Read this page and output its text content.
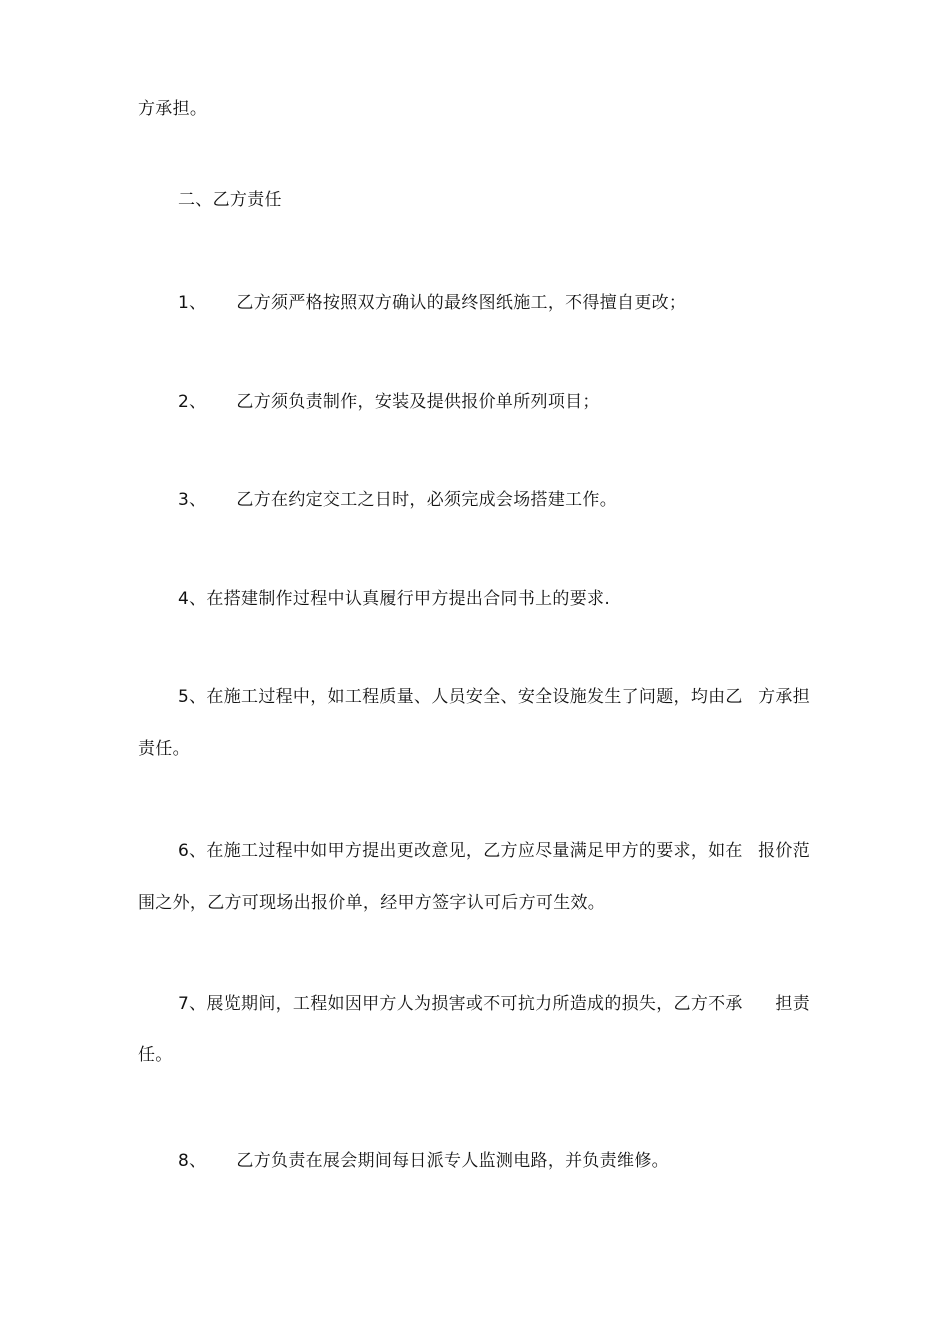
方承担。
二、乙方责任
1、 乙方须严格按照双方确认的最终图纸施工，不得擅自更改；
2、 乙方须负责制作，安装及提供报价单所列项目；
3、 乙方在约定交工之日时，必须完成会场搭建工作。
4、在搭建制作过程中认真履行甲方提出合同书上的要求.
5、在施工过程中，如工程质量、人员安全、安全设施发生了问题，均由乙 方承担
责任。
6、在施工过程中如甲方提出更改意见，乙方应尽量满足甲方的要求，如在 报价范
围之外，乙方可现场出报价单，经甲方签字认可后方可生效。
7、展览期间，工程如因甲方人为损害或不可抗力所造成的损失，乙方不承 担责
任。
8、 乙方负责在展会期间每日派专人监测电路，并负责维修。
